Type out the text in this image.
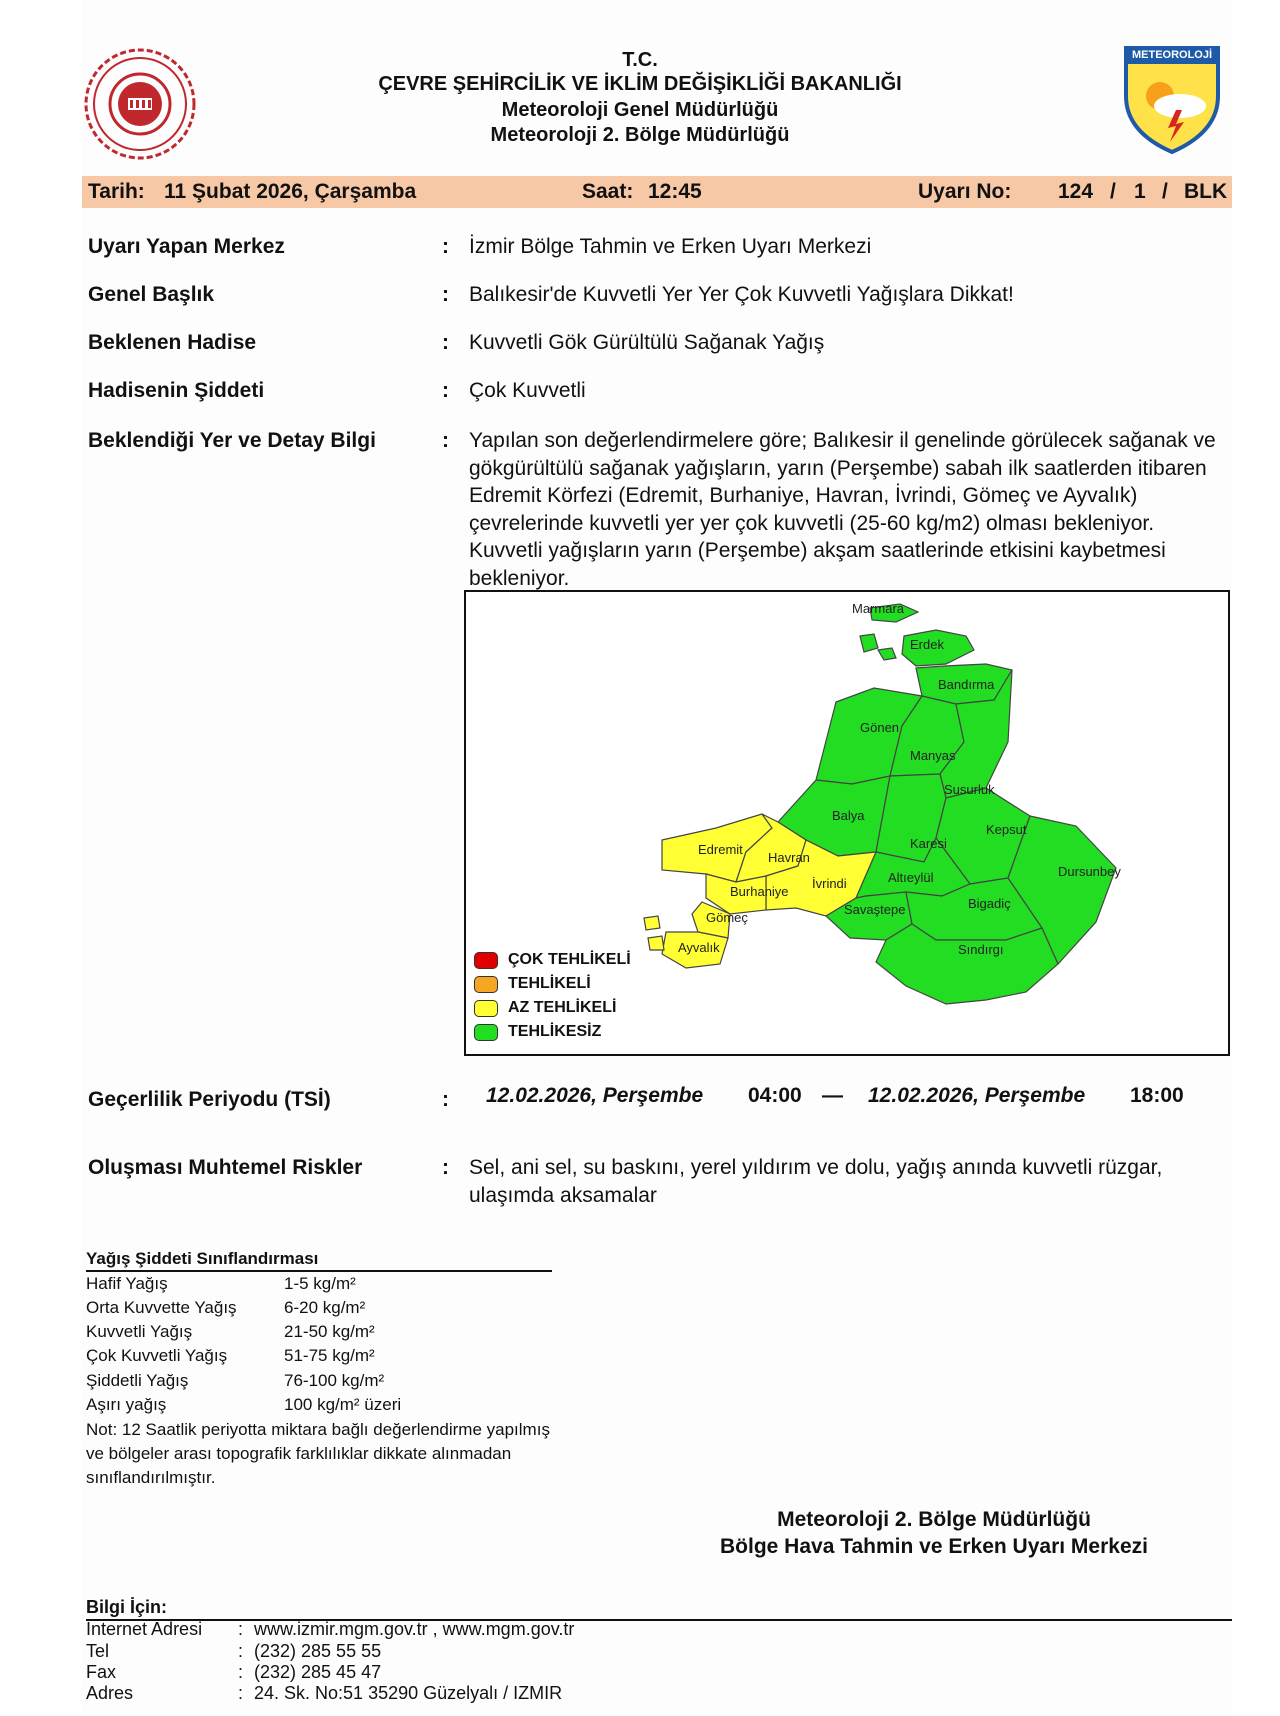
T.C.
ÇEVRE ŞEHİRCİLİK VE İKLİM DEĞİŞİKLİĞİ BAKANLIĞI
Meteoroloji Genel Müdürlüğü
Meteoroloji 2. Bölge Müdürlüğü
METEOROLOJİ
Tarih: 11 Şubat 2026, Çarşamba	Saat: 12:45	Uyarı No: 124 / 1 / BLK
Uyarı Yapan Merkez	: İzmir Bölge Tahmin ve Erken Uyarı Merkezi
Genel Başlık	: Balıkesir'de Kuvvetli Yer Yer Çok Kuvvetli Yağışlara Dikkat!
Beklenen Hadise	: Kuvvetli Gök Gürültülü Sağanak Yağış
Hadisenin Şiddeti	: Çok Kuvvetli
Beklendiği Yer ve Detay Bilgi	: Yapılan son değerlendirmelere göre; Balıkesir il genelinde görülecek sağanak ve gökgürültülü sağanak yağışların, yarın (Perşembe) sabah ilk saatlerden itibaren Edremit Körfezi (Edremit, Burhaniye, Havran, İvrindi, Gömeç ve Ayvalık) çevrelerinde kuvvetli yer yer çok kuvvetli (25-60 kg/m2) olması bekleniyor. Kuvvetli yağışların yarın (Perşembe) akşam saatlerinde etkisini kaybetmesi bekleniyor.
Marmara
Erdek
Bandırma
Gönen
Manyas
Susurluk
Balya
Karesi
Kepsut
Dursunbey
Edremit
Havran
Burhaniye
İvrindi	Altıeylül
Gömeç
Savaştepe	Bigadiç
Ayvalık	Sındırgı
ÇOK TEHLİKELİ
TEHLİKELİ
AZ TEHLİKELİ
TEHLİKESİZ
Geçerlilik Periyodu (TSİ)	: 12.02.2026, Perşembe 04:00 — 12.02.2026, Perşembe 18:00
Oluşması Muhtemel Riskler	: Sel, ani sel, su baskını, yerel yıldırım ve dolu, yağış anında kuvvetli rüzgar, ulaşımda aksamalar
Yağış Şiddeti Sınıflandırması
Hafif Yağış	1-5 kg/m²
Orta Kuvvette Yağış	6-20 kg/m²
Kuvvetli Yağış	21-50 kg/m²
Çok Kuvvetli Yağış	51-75 kg/m²
Şiddetli Yağış	76-100 kg/m²
Aşırı yağış	100 kg/m² üzeri
Not: 12 Saatlik periyotta miktara bağlı değerlendirme yapılmış ve bölgeler arası topografik farklılıklar dikkate alınmadan sınıflandırılmıştır.
Meteoroloji 2. Bölge Müdürlüğü
Bölge Hava Tahmin ve Erken Uyarı Merkezi
Bilgi İçin:
Internet Adresi : www.izmir.mgm.gov.tr , www.mgm.gov.tr
Tel	: (232) 285 55 55
Fax	: (232) 285 45 47
Adres	: 24. Sk. No:51 35290 Güzelyalı / IZMIR
